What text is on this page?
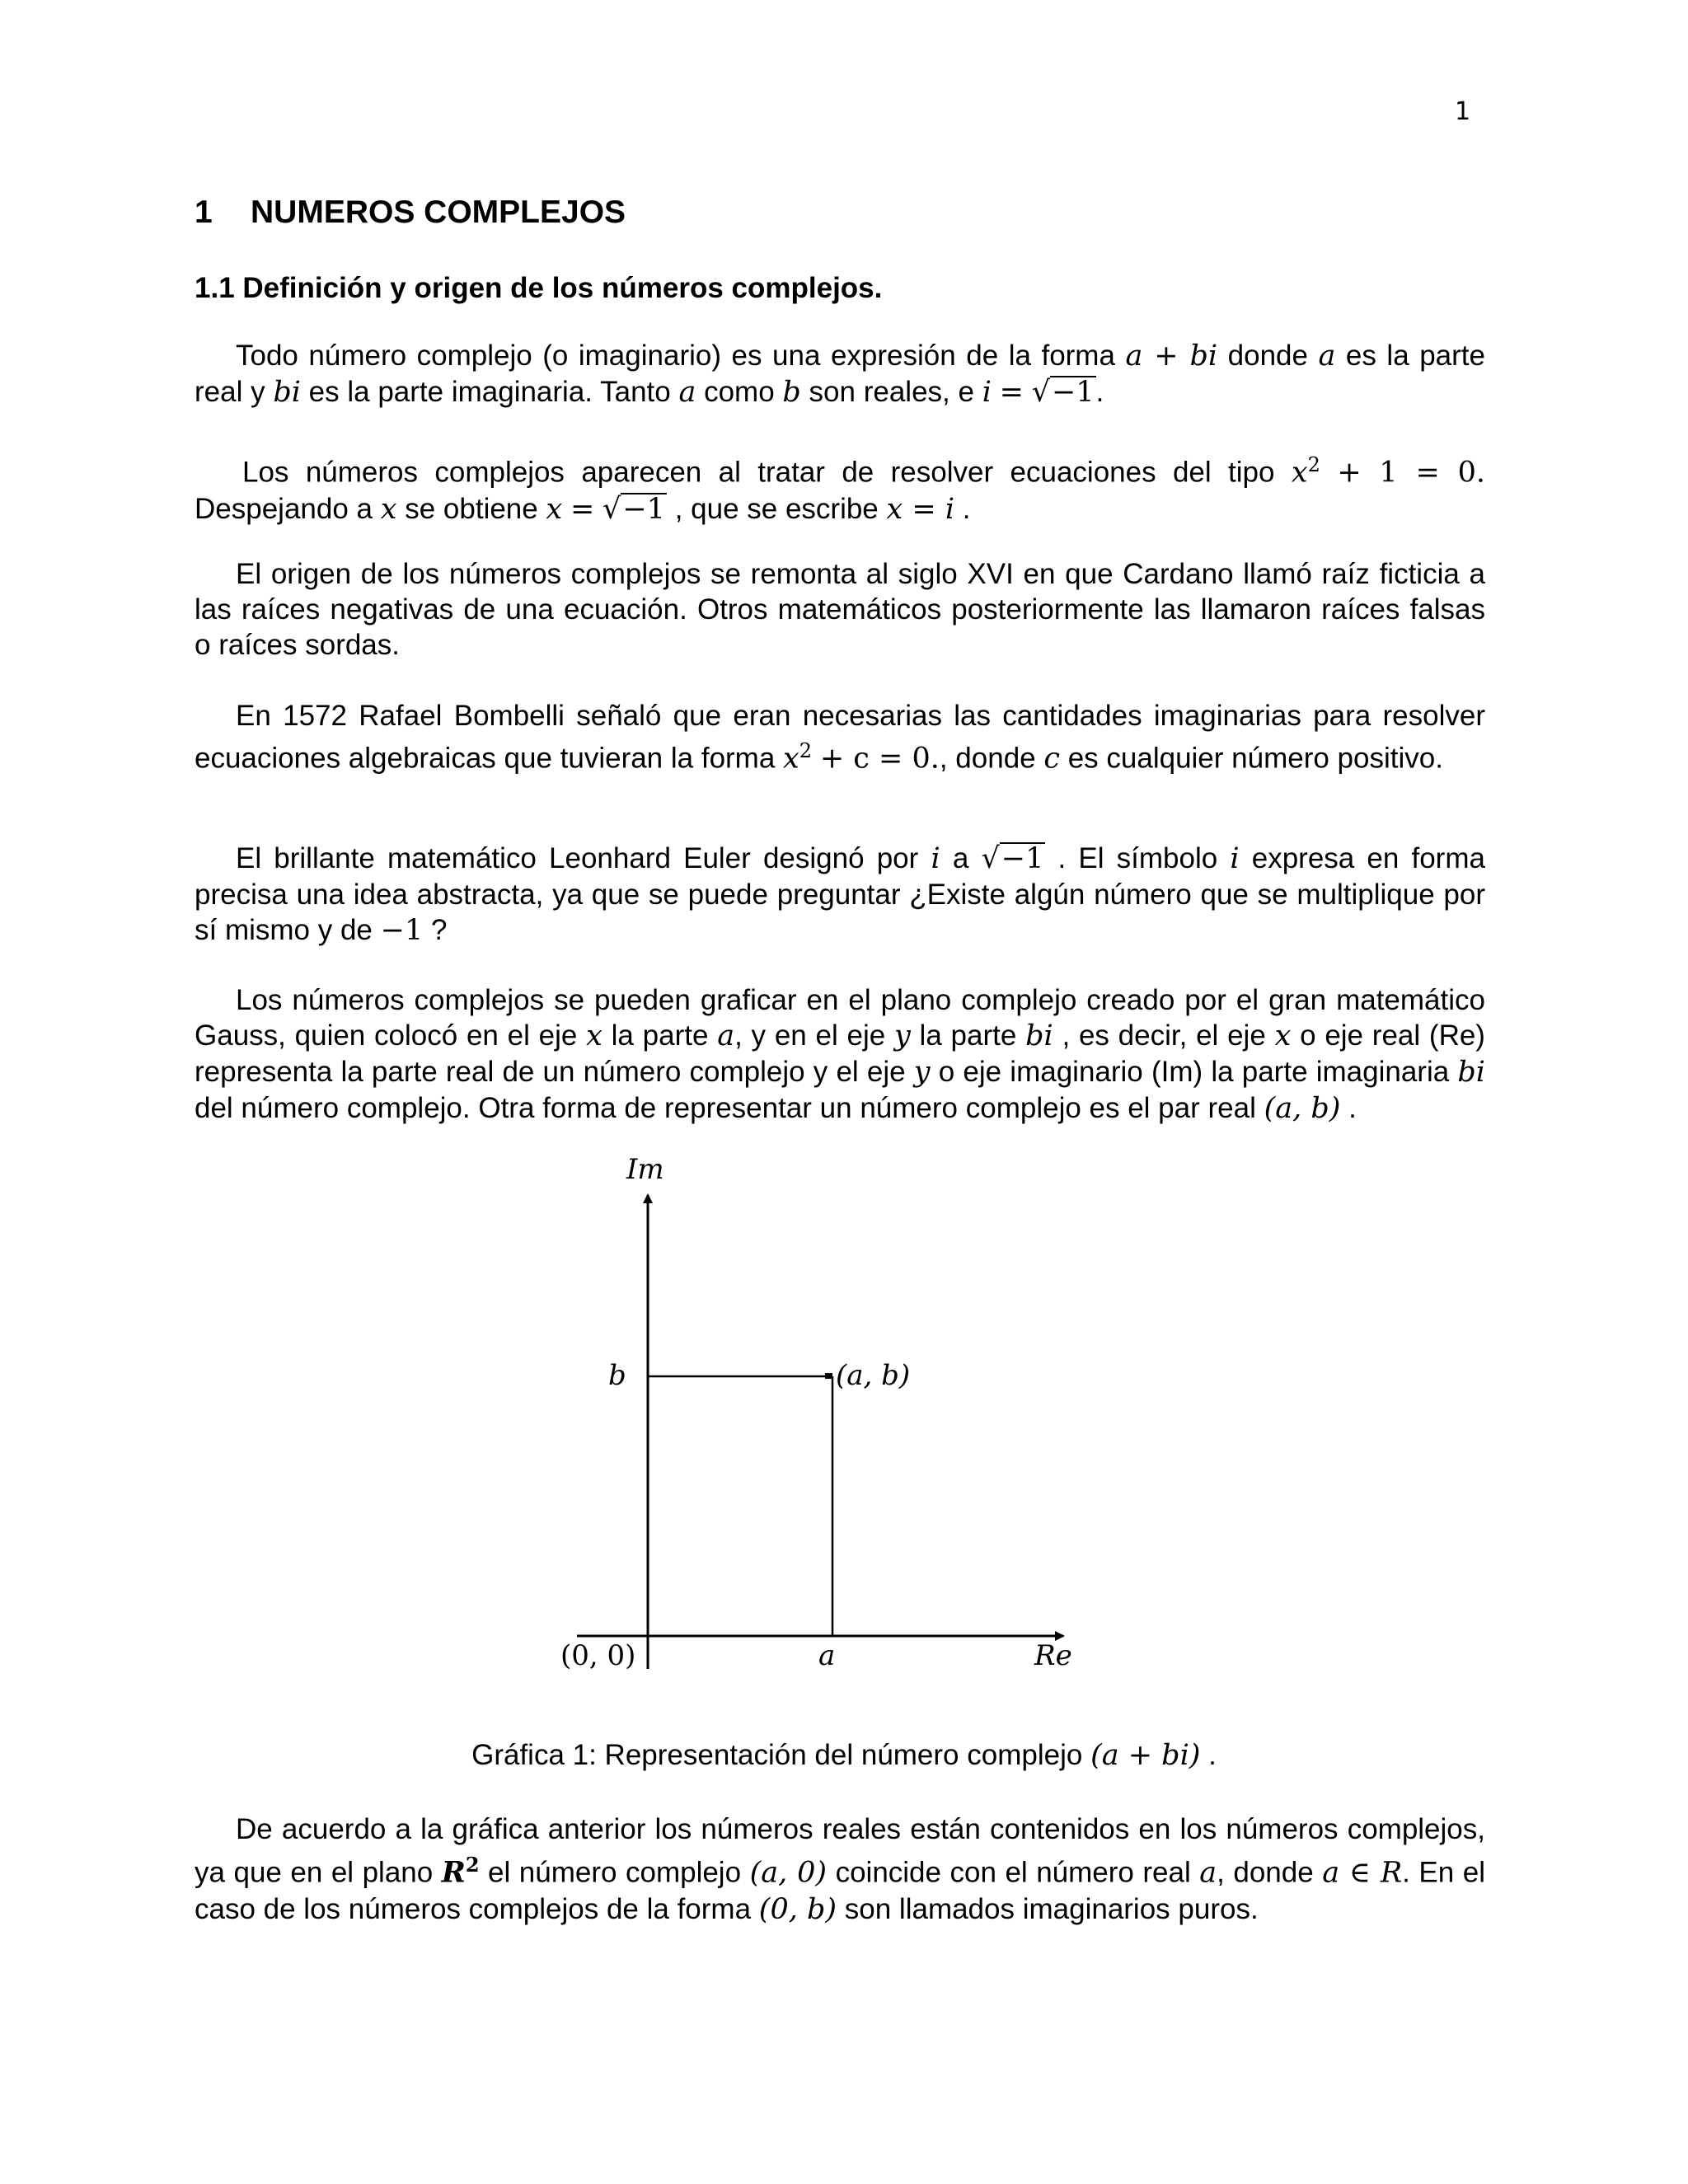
1
1 NUMEROS COMPLEJOS
1.1 Definición y origen de los números complejos.
Todo número complejo (o imaginario) es una expresión de la forma a + bi donde a es la parte real y bi es la parte imaginaria. Tanto a como b son reales, e i = √−1.
Los números complejos aparecen al tratar de resolver ecuaciones del tipo $x^2 + 1 = 0$. Despejando a x se obtiene x = √−1 , que se escribe x = i .
El origen de los números complejos se remonta al siglo XVI en que Cardano llamó raíz ficticia a las raíces negativas de una ecuación. Otros matemáticos posteriormente las llamaron raíces falsas o raíces sordas.
En 1572 Rafael Bombelli señaló que eran necesarias las cantidades imaginarias para resolver ecuaciones algebraicas que tuvieran la forma $x^2 + c = 0$., donde c es cualquier número positivo.
El brillante matemático Leonhard Euler designó por i a √−1 . El símbolo i expresa en forma precisa una idea abstracta, ya que se puede preguntar ¿Existe algún número que se multiplique por sí mismo y de −1 ?
Los números complejos se pueden graficar en el plano complejo creado por el gran matemático Gauss, quien colocó en el eje x la parte a, y en el eje y la parte bi , es decir, el eje x o eje real (Re) representa la parte real de un número complejo y el eje y o eje imaginario (Im) la parte imaginaria bi del número complejo. Otra forma de representar un número complejo es el par real (a, b) .
Im
b	(a, b)
(0, 0)	a	Re
Gráfica 1: Representación del número complejo (a + bi) .
De acuerdo a la gráfica anterior los números reales están contenidos en los números complejos, ya que en el plano $R^2$ el número complejo (a, 0) coincide con el número real a, donde a ∈ R. En el caso de los números complejos de la forma (0, b) son llamados imaginarios puros.
